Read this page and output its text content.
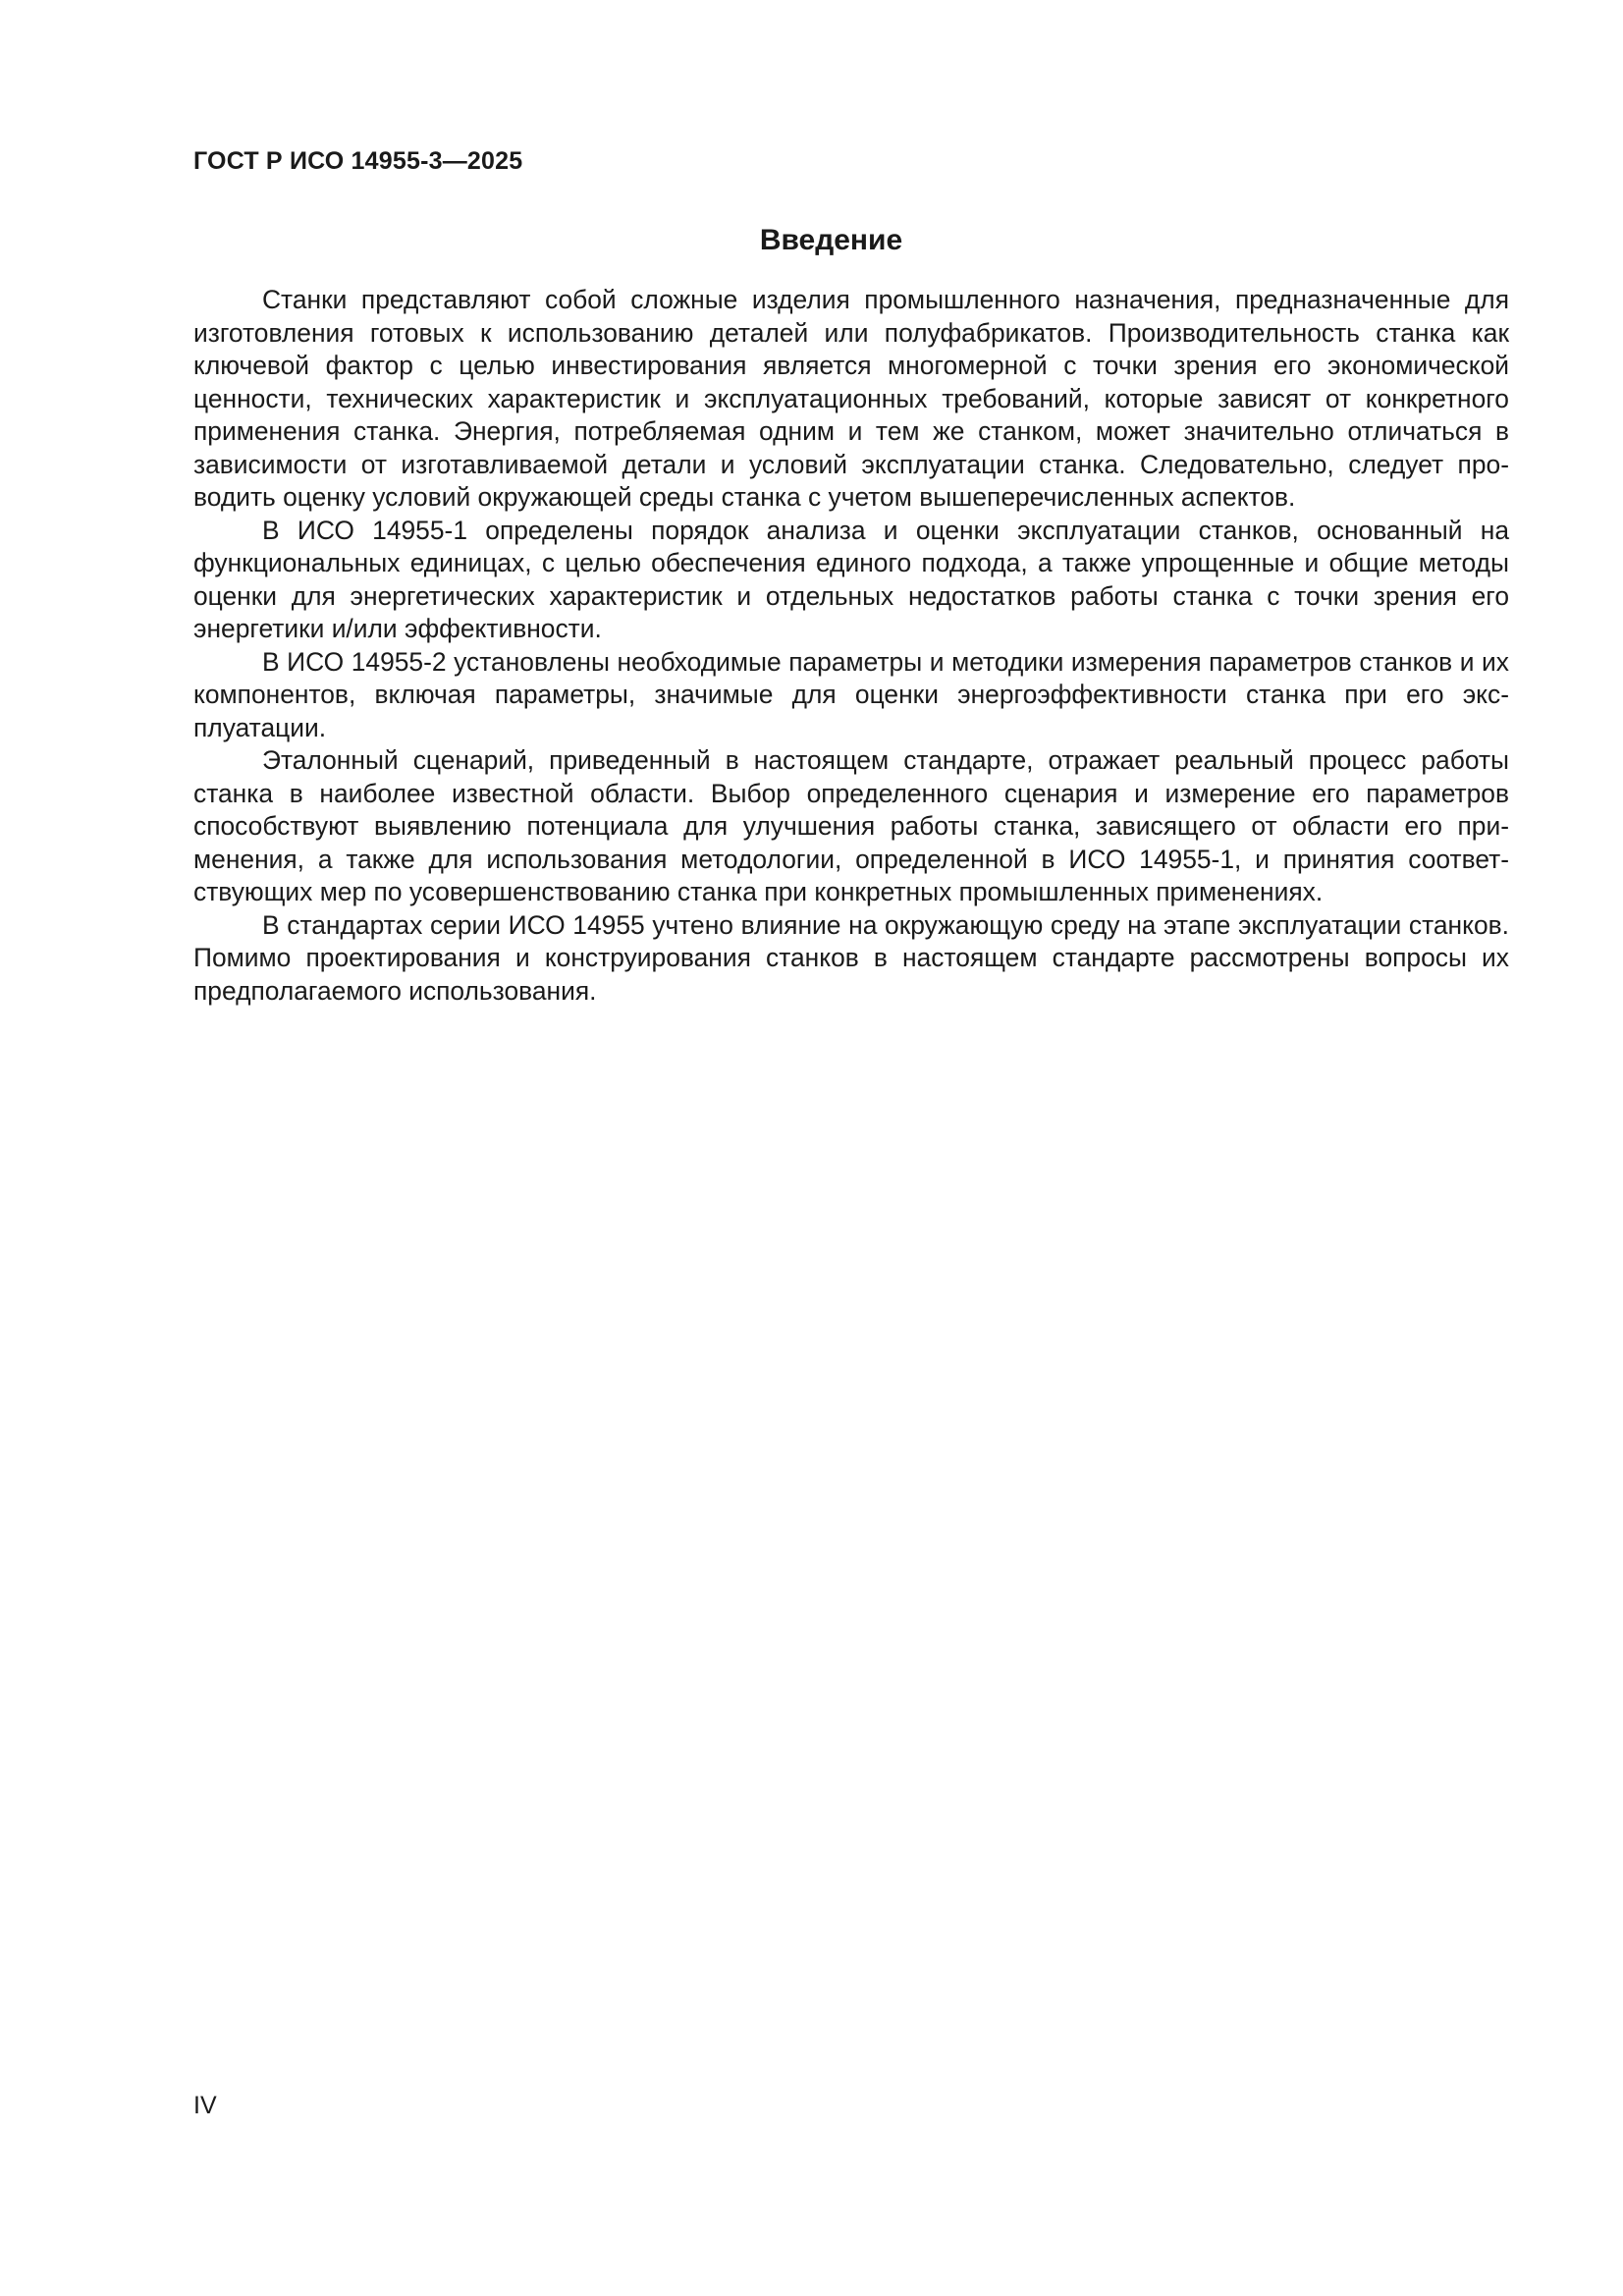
ГОСТ Р ИСО 14955-3—2025
Введение

Станки представляют собой сложные изделия промышленного назначения, предназначенные для изготовления готовых к использованию деталей или полуфабрикатов. Производительность станка как ключевой фактор с целью инвестирования является многомерной с точки зрения его экономической ценности, технических характеристик и эксплуатационных требований, которые зависят от конкретного применения станка. Энергия, потребляемая одним и тем же станком, может значительно отличаться в зависимости от изготавливаемой детали и условий эксплуатации станка. Следовательно, следует проводить оценку условий окружающей среды станка с учетом вышеперечисленных аспектов.

В ИСО 14955-1 определены порядок анализа и оценки эксплуатации станков, основанный на функциональных единицах, с целью обеспечения единого подхода, а также упрощенные и общие методы оценки для энергетических характеристик и отдельных недостатков работы станка с точки зрения его энергетики и/или эффективности.

В ИСО 14955-2 установлены необходимые параметры и методики измерения параметров станков и их компонентов, включая параметры, значимые для оценки энергоэффективности станка при его эксплуатации.

Эталонный сценарий, приведенный в настоящем стандарте, отражает реальный процесс работы станка в наиболее известной области. Выбор определенного сценария и измерение его параметров способствуют выявлению потенциала для улучшения работы станка, зависящего от области его применения, а также для использования методологии, определенной в ИСО 14955-1, и принятия соответствующих мер по усовершенствованию станка при конкретных промышленных применениях.

В стандартах серии ИСО 14955 учтено влияние на окружающую среду на этапе эксплуатации станков. Помимо проектирования и конструирования станков в настоящем стандарте рассмотрены вопросы их предполагаемого использования.

IV
